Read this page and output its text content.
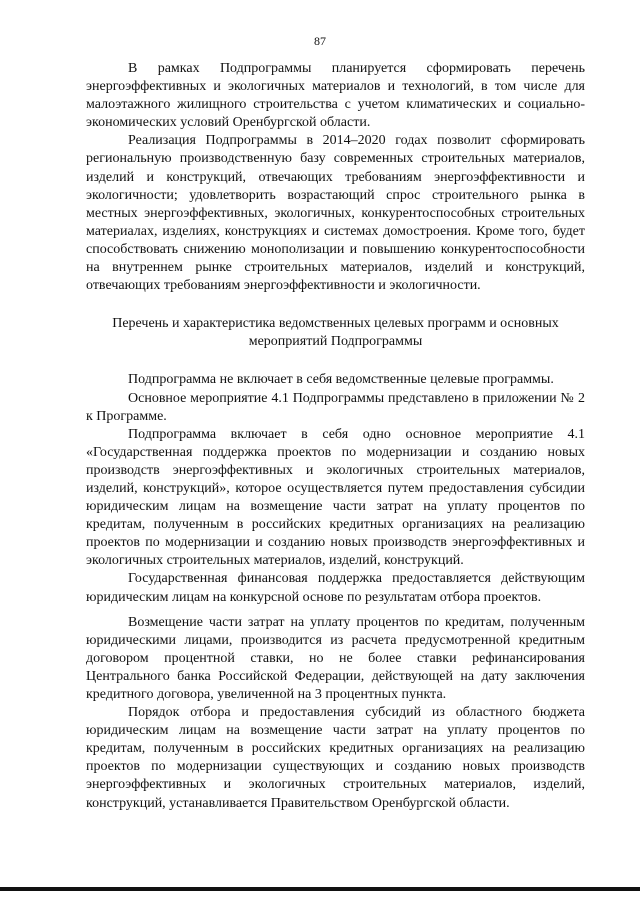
87

В рамках Подпрограммы планируется сформировать перечень энергоэффективных и экологичных материалов и технологий, в том числе для малоэтажного жилищного строительства с учетом климатических и социально-экономических условий Оренбургской области.

Реализация Подпрограммы в 2014–2020 годах позволит сформировать региональную производственную базу современных строительных материалов, изделий и конструкций, отвечающих требованиям энергоэффективности и экологичности; удовлетворить возрастающий спрос строительного рынка в местных энергоэффективных, экологичных, конкурентоспособных строительных материалах, изделиях, конструкциях и системах домостроения. Кроме того, будет способствовать снижению монополизации и повышению конкурентоспособности на внутреннем рынке строительных материалов, изделий и конструкций, отвечающих требованиям энергоэффективности и экологичности.

Перечень и характеристика ведомственных целевых программ и основных мероприятий Подпрограммы

Подпрограмма не включает в себя ведомственные целевые программы.

Основное мероприятие 4.1 Подпрограммы представлено в приложении № 2 к Программе.

Подпрограмма включает в себя одно основное мероприятие 4.1 «Государственная поддержка проектов по модернизации и созданию новых производств энергоэффективных и экологичных строительных материалов, изделий, конструкций», которое осуществляется путем предоставления субсидии юридическим лицам на возмещение части затрат на уплату процентов по кредитам, полученным в российских кредитных организациях на реализацию проектов по модернизации и созданию новых производств энергоэффективных и экологичных строительных материалов, изделий, конструкций.

Государственная финансовая поддержка предоставляется действующим юридическим лицам на конкурсной основе по результатам отбора проектов.

Возмещение части затрат на уплату процентов по кредитам, полученным юридическими лицами, производится из расчета предусмотренной кредитным договором процентной ставки, но не более ставки рефинансирования Центрального банка Российской Федерации, действующей на дату заключения кредитного договора, увеличенной на 3 процентных пункта.

Порядок отбора и предоставления субсидий из областного бюджета юридическим лицам на возмещение части затрат на уплату процентов по кредитам, полученным в российских кредитных организациях на реализацию проектов по модернизации существующих и созданию новых производств энергоэффективных и экологичных строительных материалов, изделий, конструкций, устанавливается Правительством Оренбургской области.
